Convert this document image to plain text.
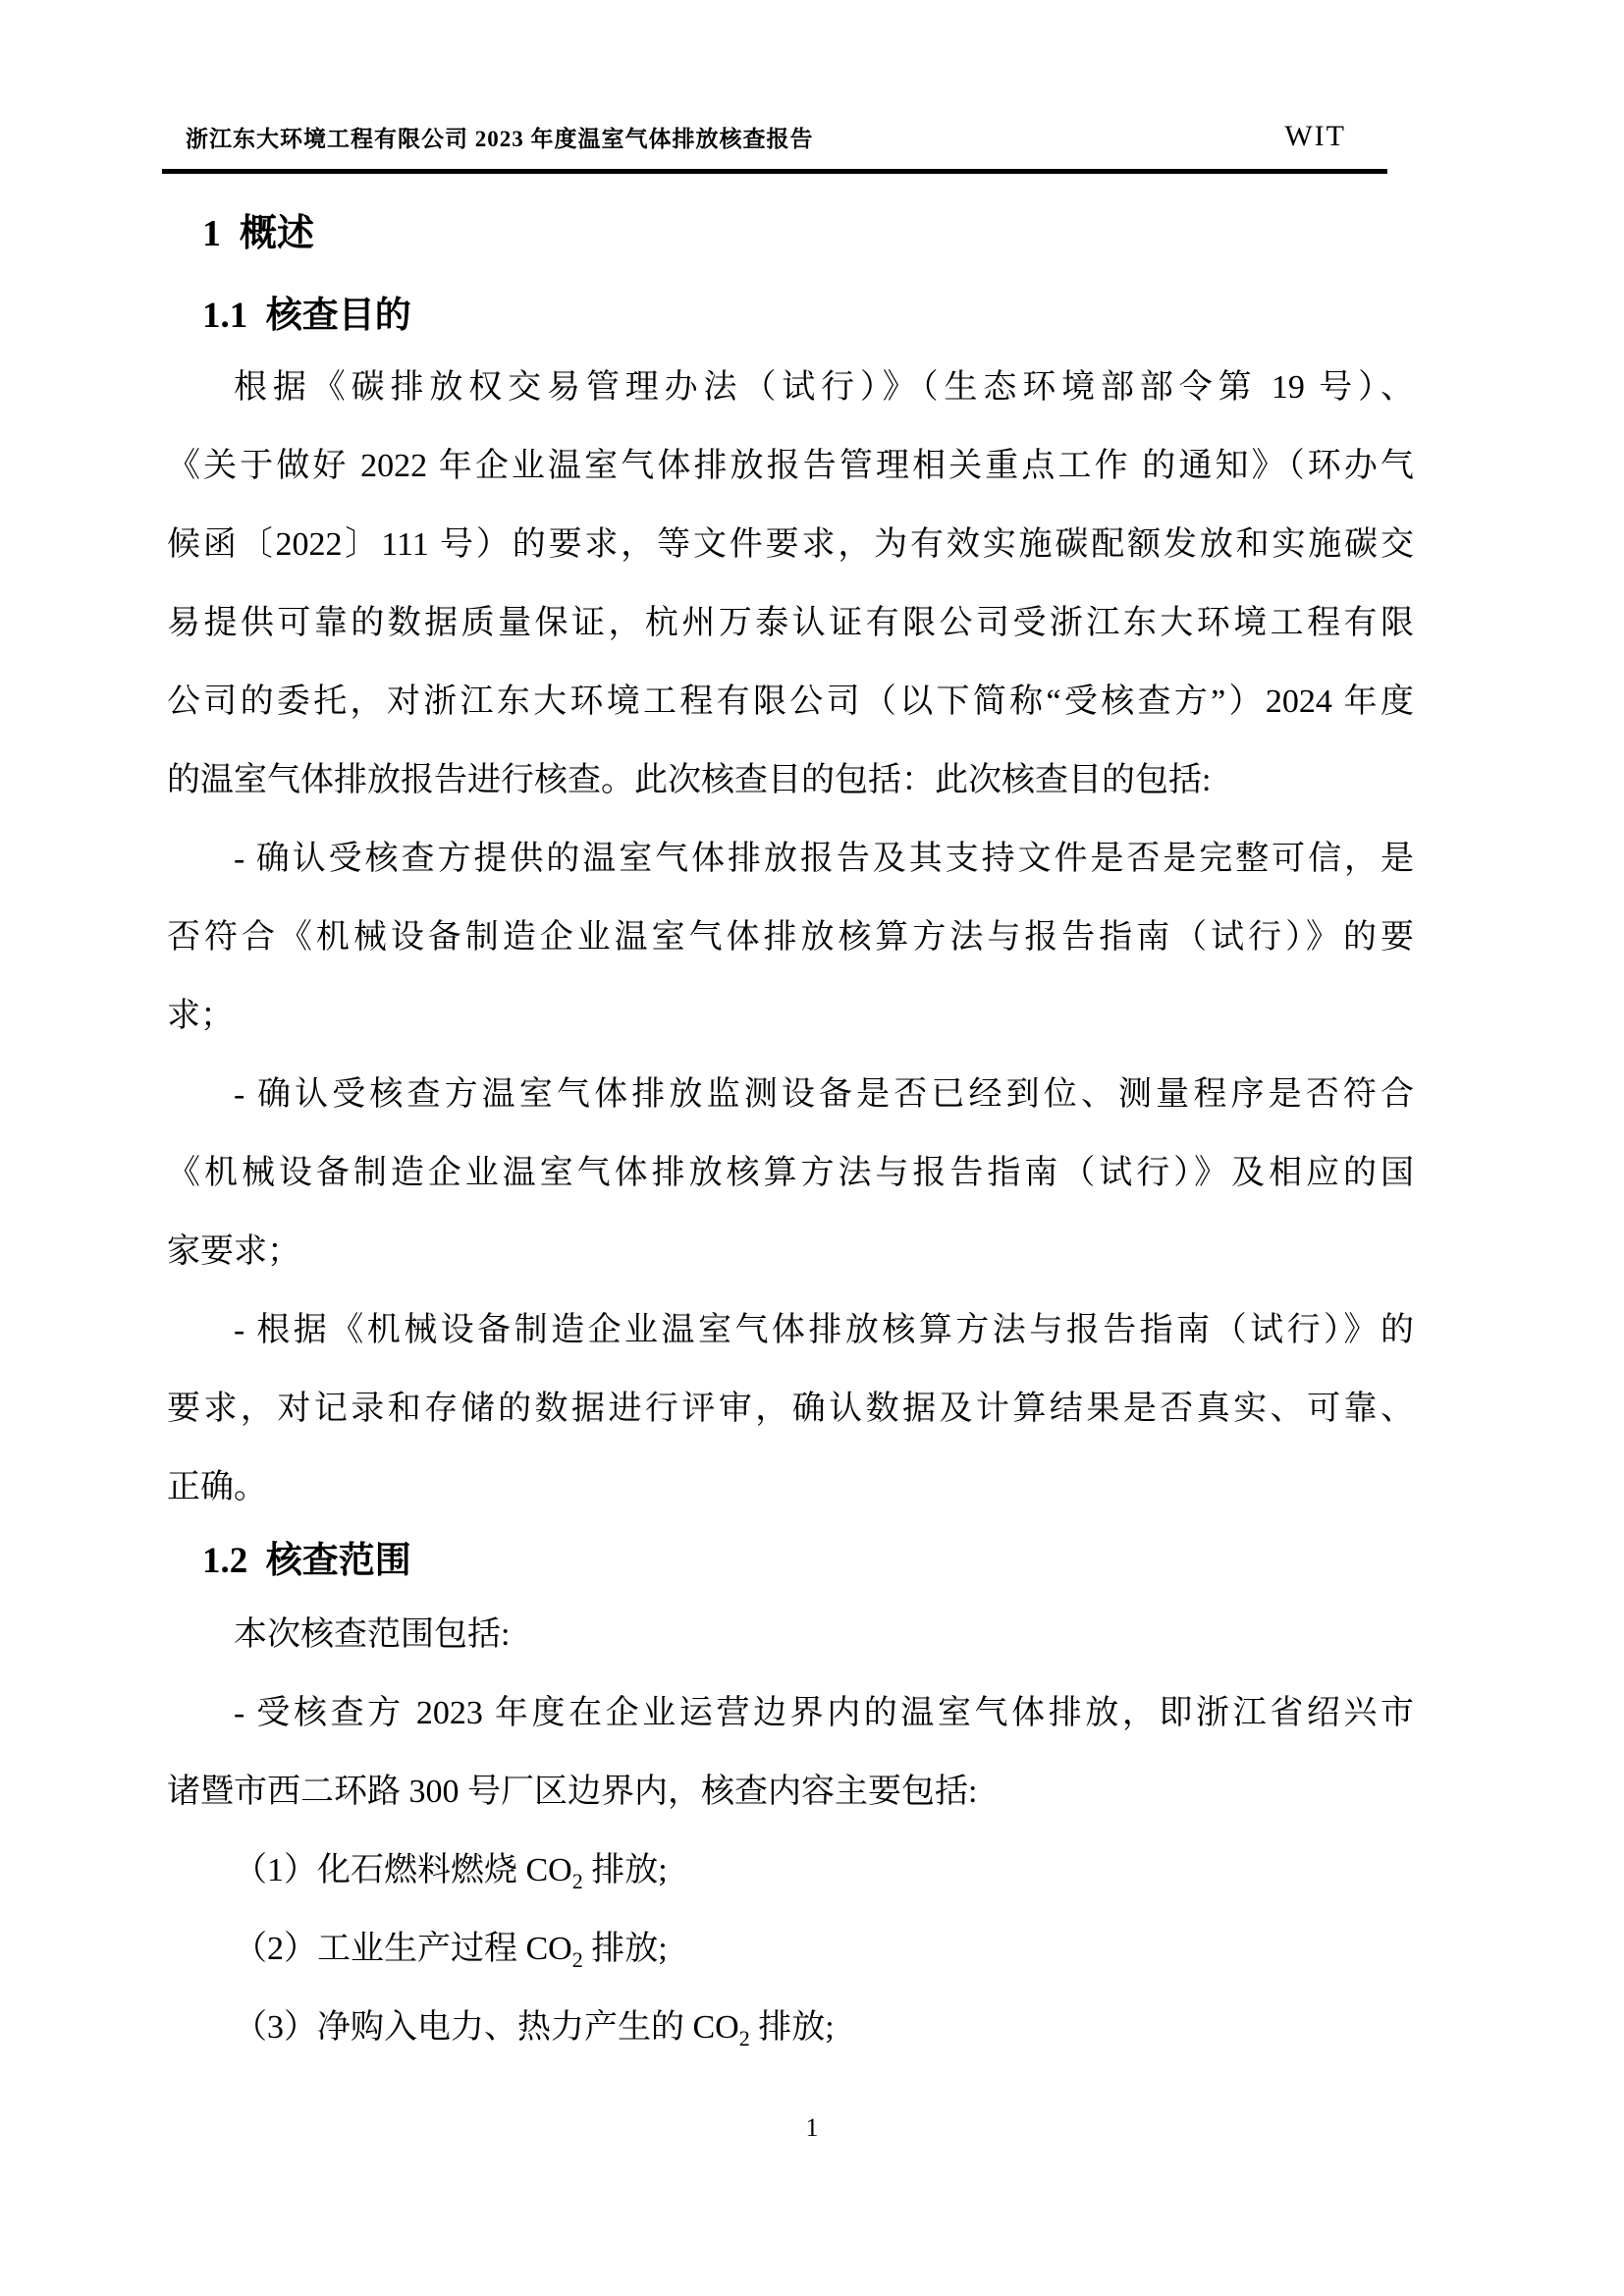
浙江东大环境工程有限公司 2023 年度温室气体排放核查报告	WIT
1  概述
1.1  核查目的
根据《碳排放权交易管理办法（试行）》（生态环境部部令第 19 号）、
《关于做好 2022 年企业温室气体排放报告管理相关重点工作 的通知》（环办气
候函〔2022〕111 号）的要求，等文件要求，为有效实施碳配额发放和实施碳交
易提供可靠的数据质量保证，杭州万泰认证有限公司受浙江东大环境工程有限
公司的委托，对浙江东大环境工程有限公司（以下简称“受核查方”）2024 年度
的温室气体排放报告进行核查。此次核查目的包括：此次核查目的包括:
- 确认受核查方提供的温室气体排放报告及其支持文件是否是完整可信，是
否符合《机械设备制造企业温室气体排放核算方法与报告指南（试行）》的要
求；
- 确认受核查方温室气体排放监测设备是否已经到位、测量程序是否符合
《机械设备制造企业温室气体排放核算方法与报告指南（试行）》及相应的国
家要求；
- 根据《机械设备制造企业温室气体排放核算方法与报告指南（试行）》的
要求，对记录和存储的数据进行评审，确认数据及计算结果是否真实、可靠、
正确。
1.2  核查范围
本次核查范围包括:
- 受核查方 2023 年度在企业运营边界内的温室气体排放，即浙江省绍兴市
诸暨市西二环路 300 号厂区边界内，核查内容主要包括:
（1）化石燃料燃烧 $CO_2$ 排放;
（2）工业生产过程 $CO_2$ 排放;
（3）净购入电力、热力产生的 $CO_2$ 排放;
1
